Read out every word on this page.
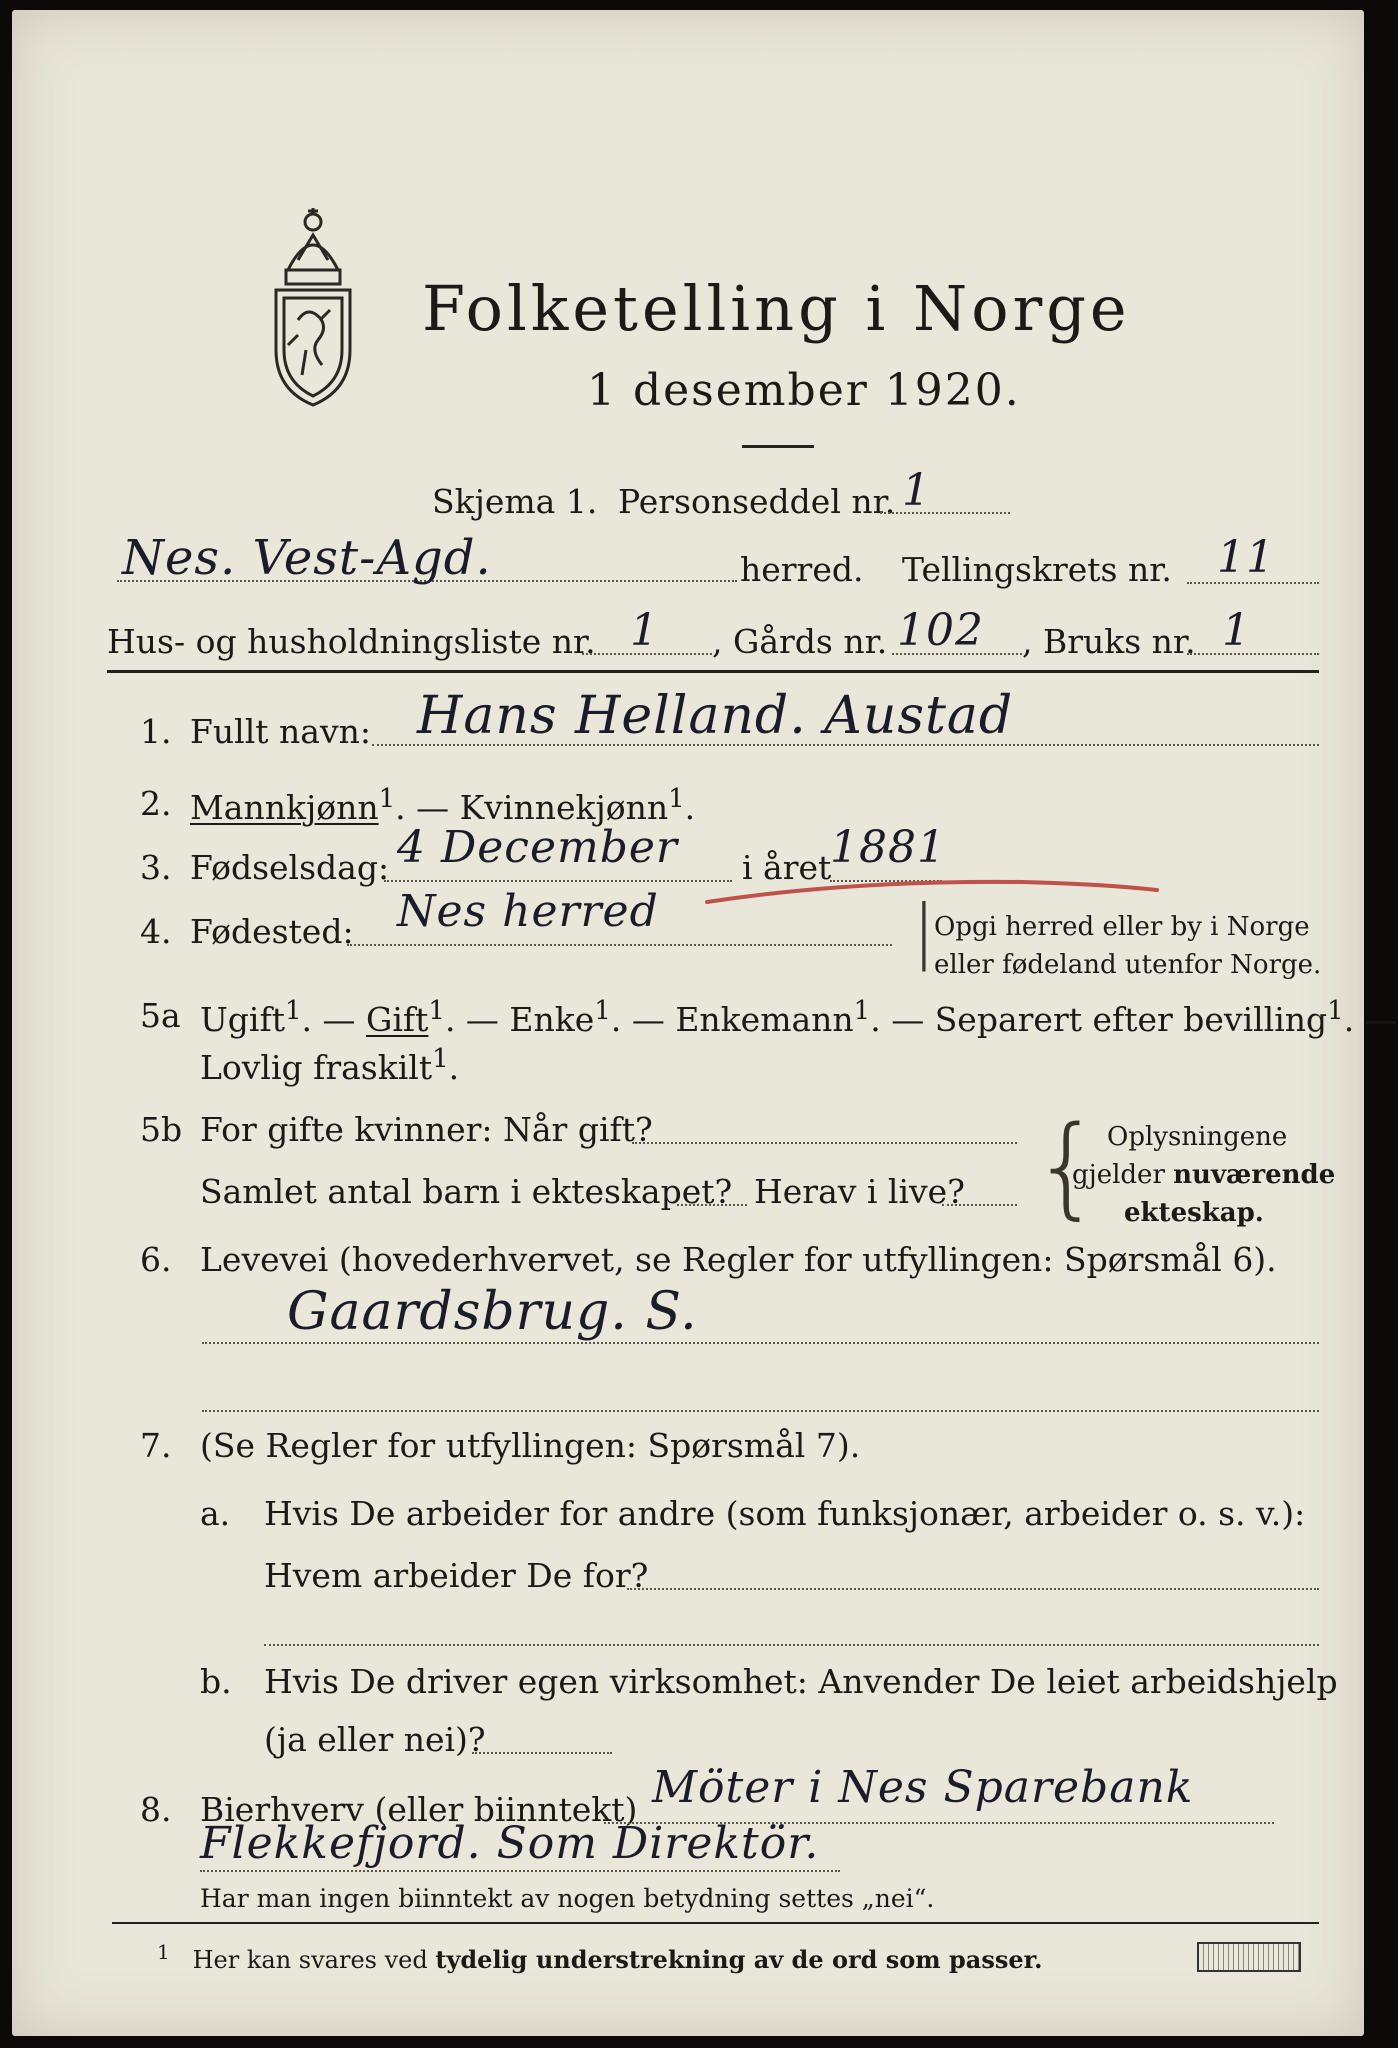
Folketelling i Norge
1 desember 1920.
Skjema 1. Personseddel nr. 1
Nes. Vest-Agd.	herred. Tellingskrets nr. 11
Hus- og husholdningsliste nr. 1 , Gårds nr. 102 , Bruks nr. 1
1. Fullt navn: Hans Helland. Austad
2. Mannkjønn$^1$. — Kvinnekjønn$^1$.
3. Fødselsdag: 4 December i året
1881
4. Fødested: Nes herred	|
Opgi herred eller by i Norge
eller fødeland utenfor Norge.
5a Ugift$^1$. — Gift$^1$. — Enke$^1$. — Enkemann$^1$. — Separert efter bevilling$^1$. —
Lovlig fraskilt$^1$.
5b For gifte kvinner: Når gift?
Samlet antal barn i ekteskapet? Herav i live? { Oplysningene
gjelder nuværende
ekteskap.
6. Levevei (hovederhvervet, se Regler for utfyllingen: Spørsmål 6).
Gaardsbrug. S.
7. (Se Regler for utfyllingen: Spørsmål 7).
a. Hvis De arbeider for andre (som funksjonær, arbeider o. s. v.):
Hvem arbeider De for?
b. Hvis De driver egen virksomhet: Anvender De leiet arbeidshjelp
(ja eller nei)?
8. Bierhverv (eller biinntekt) Möter i Nes Sparebank
Flekkefjord. Som Direktör.
Har man ingen biinntekt av nogen betydning settes „nei“.
$^1$ Her kan svares ved tydelig understrekning av de ord som passer.
